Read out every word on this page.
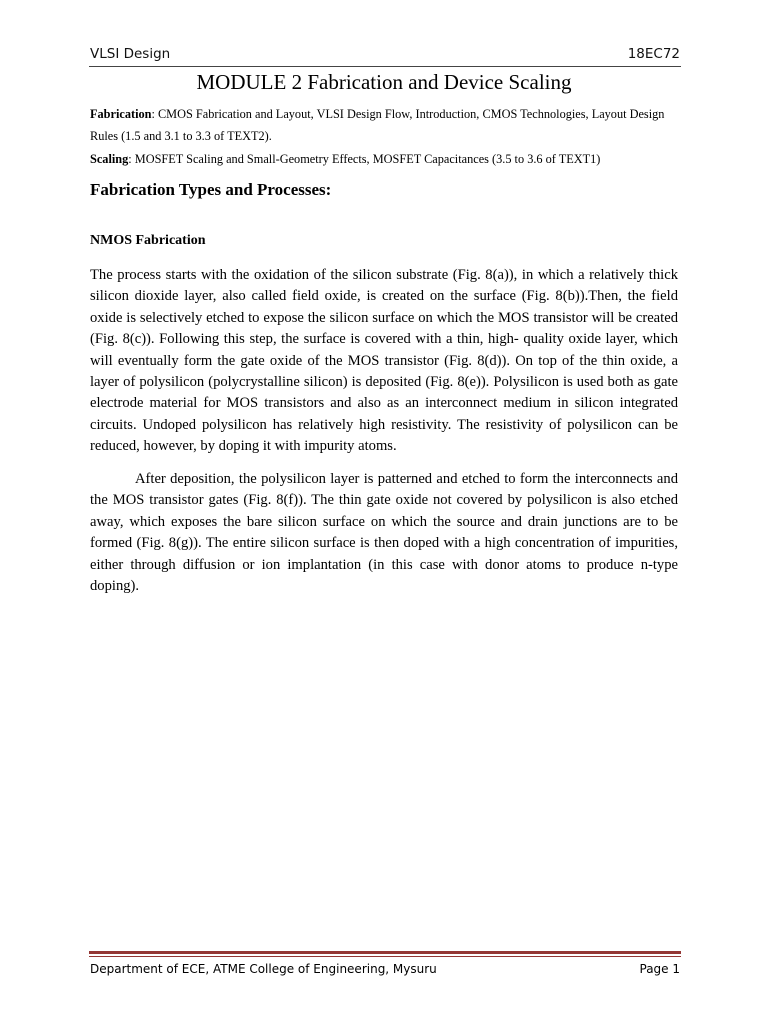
VLSI Design	18EC72
MODULE 2 Fabrication and Device Scaling
Fabrication: CMOS Fabrication and Layout, VLSI Design Flow, Introduction, CMOS Technologies, Layout Design Rules (1.5 and 3.1 to 3.3 of TEXT2).
Scaling: MOSFET Scaling and Small-Geometry Effects, MOSFET Capacitances (3.5 to 3.6 of TEXT1)
Fabrication Types and Processes:
NMOS Fabrication

The process starts with the oxidation of the silicon substrate (Fig. 8(a)), in which a relatively thick silicon dioxide layer, also called field oxide, is created on the surface (Fig. 8(b)).Then, the field oxide is selectively etched to expose the silicon surface on which the MOS transistor will be created (Fig. 8(c)). Following this step, the surface is covered with a thin, high- quality oxide layer, which will eventually form the gate oxide of the MOS transistor (Fig. 8(d)). On top of the thin oxide, a layer of polysilicon (polycrystalline silicon) is deposited (Fig. 8(e)). Polysilicon is used both as gate electrode material for MOS transistors and also as an interconnect medium in silicon integrated circuits. Undoped polysilicon has relatively high resistivity. The resistivity of polysilicon can be reduced, however, by doping it with impurity atoms.

After deposition, the polysilicon layer is patterned and etched to form the interconnects and the MOS transistor gates (Fig. 8(f)). The thin gate oxide not covered by polysilicon is also etched away, which exposes the bare silicon surface on which the source and drain junctions are to be formed (Fig. 8(g)). The entire silicon surface is then doped with a high concentration of impurities, either through diffusion or ion implantation (in this case with donor atoms to produce n-type doping).

Department of ECE, ATME College of Engineering, Mysuru	Page 1
